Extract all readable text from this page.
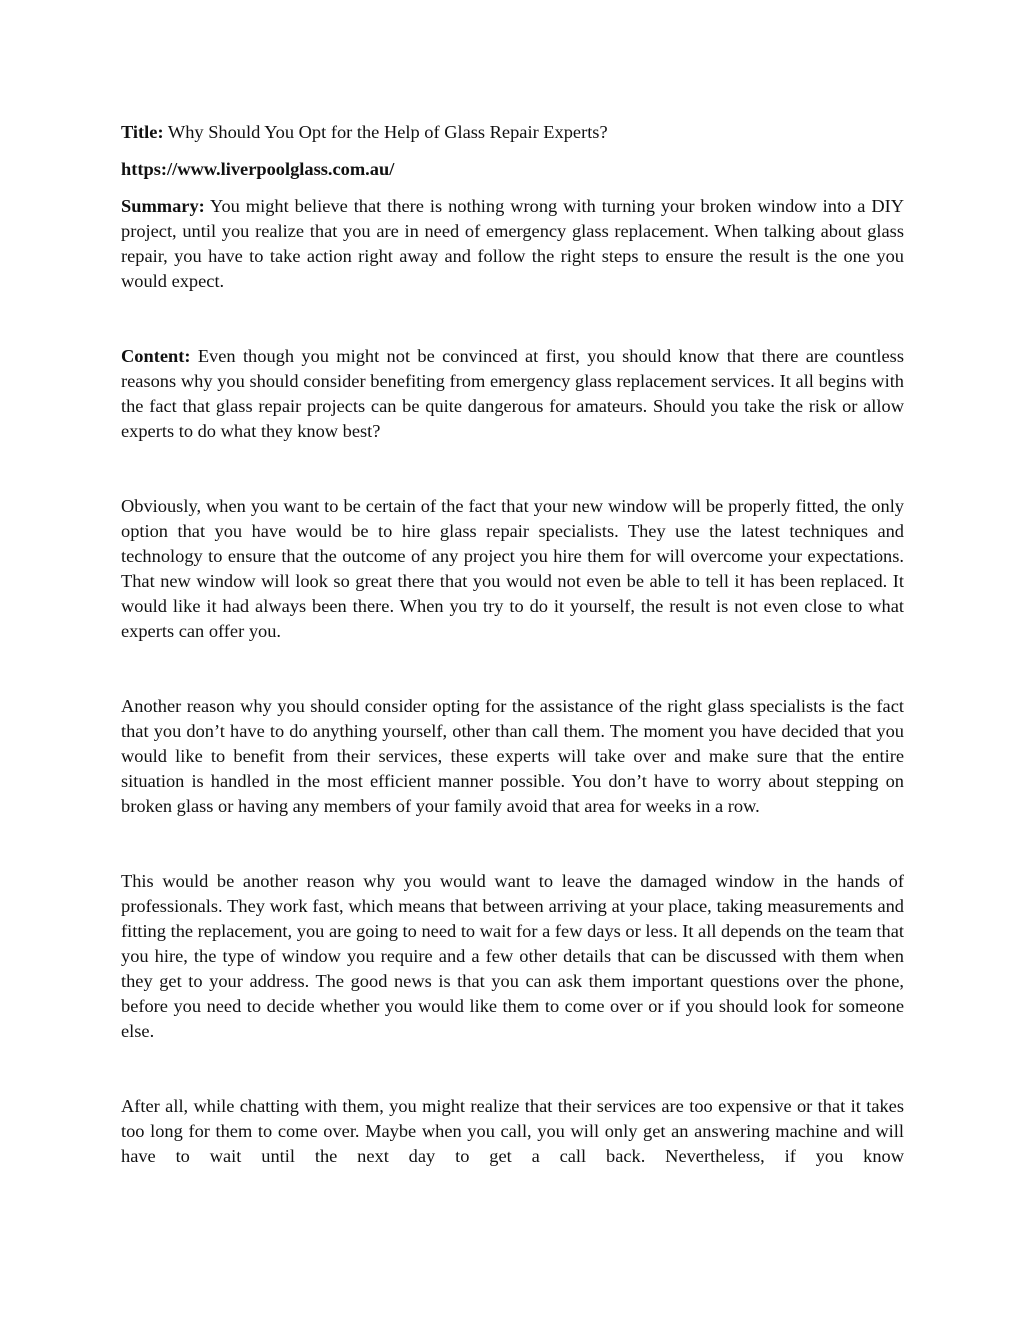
Title: Why Should You Opt for the Help of Glass Repair Experts?

https://www.liverpoolglass.com.au/

Summary: You might believe that there is nothing wrong with turning your broken window into a DIY project, until you realize that you are in need of emergency glass replacement. When talking about glass repair, you have to take action right away and follow the right steps to ensure the result is the one you would expect.

Content: Even though you might not be convinced at first, you should know that there are countless reasons why you should consider benefiting from emergency glass replacement services. It all begins with the fact that glass repair projects can be quite dangerous for amateurs. Should you take the risk or allow experts to do what they know best?

Obviously, when you want to be certain of the fact that your new window will be properly fitted, the only option that you have would be to hire glass repair specialists. They use the latest techniques and technology to ensure that the outcome of any project you hire them for will overcome your expectations. That new window will look so great there that you would not even be able to tell it has been replaced. It would like it had always been there. When you try to do it yourself, the result is not even close to what experts can offer you.

Another reason why you should consider opting for the assistance of the right glass specialists is the fact that you don’t have to do anything yourself, other than call them. The moment you have decided that you would like to benefit from their services, these experts will take over and make sure that the entire situation is handled in the most efficient manner possible. You don’t have to worry about stepping on broken glass or having any members of your family avoid that area for weeks in a row.

This would be another reason why you would want to leave the damaged window in the hands of professionals. They work fast, which means that between arriving at your place, taking measurements and fitting the replacement, you are going to need to wait for a few days or less. It all depends on the team that you hire, the type of window you require and a few other details that can be discussed with them when they get to your address. The good news is that you can ask them important questions over the phone, before you need to decide whether you would like them to come over or if you should look for someone else.

After all, while chatting with them, you might realize that their services are too expensive or that it takes too long for them to come over. Maybe when you call, you will only get an answering machine and will have to wait until the next day to get a call back. Nevertheless, if you know
